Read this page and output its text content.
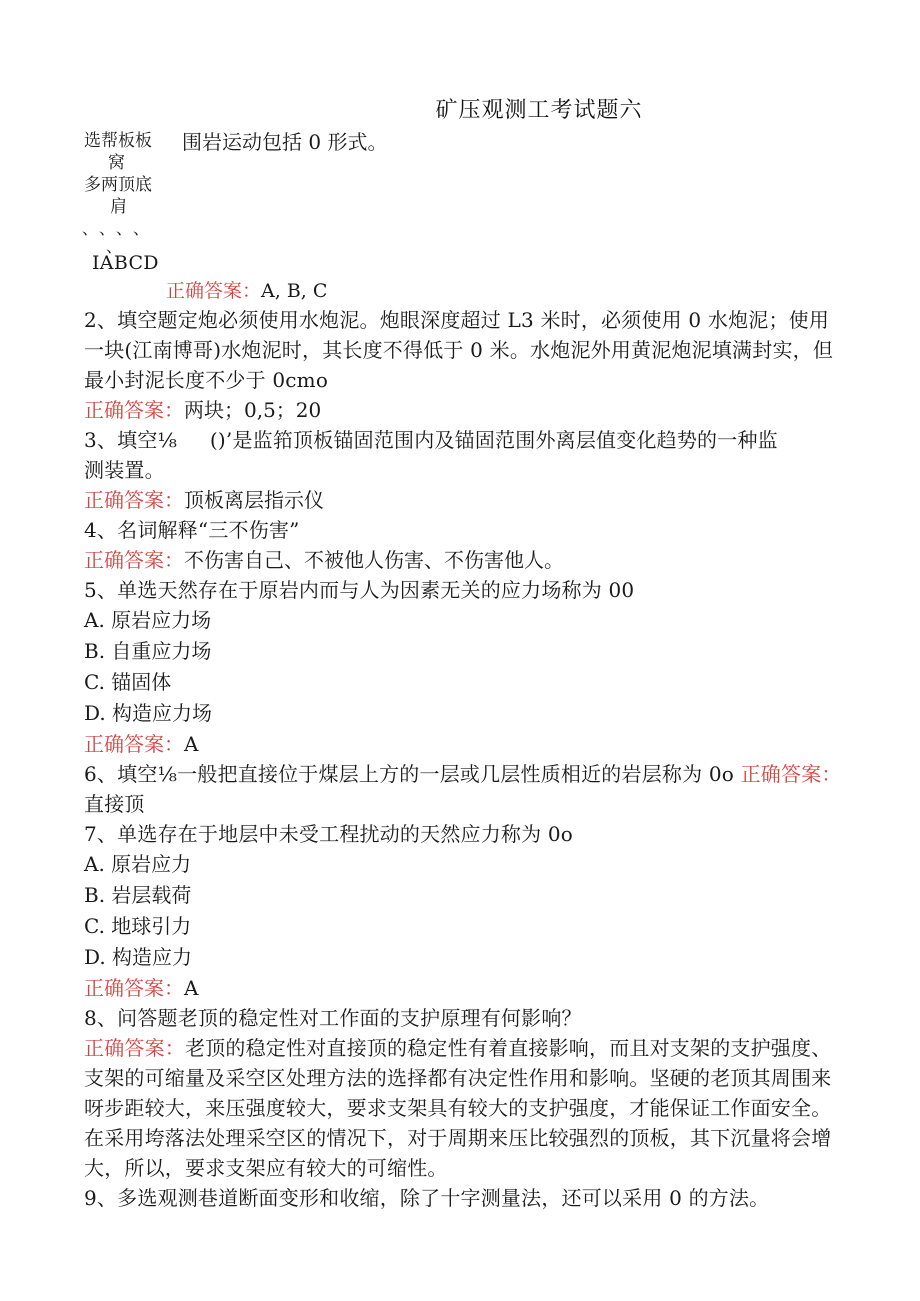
矿压观测工考试题六
围岩运动包括 0 形式。
选帮板板
窝
多两顶底
肩
、、、、
、
IABCD

正确答案：A, B, C

2、填空题定炮必须使用水炮泥。炮眼深度超过 L3 米时，必须使用 0 水炮泥；使用一块(江南博哥)水炮泥时，其长度不得低于 0 米。水炮泥外用黄泥炮泥填满封实，但最小封泥长度不少于 0cmo

正确答案：两块；0,5；20

3、填空⅛     ()’是监筘顶板锚固范围内及锚固范围外离层值变化趋势的一种监

测装置。

正确答案：顶板离层指示仪

4、名词解释“三不伤害”

正确答案：不伤害自己、不被他人伤害、不伤害他人。

5、单选天然存在于原岩内而与人为因素无关的应力场称为 00

A. 原岩应力场

B. 自重应力场

C. 锚固体

D. 构造应力场

正确答案：A

6、填空⅛一般把直接位于煤层上方的一层或几层性质相近的岩层称为 0o 正确答案：直接顶

7、单选存在于地层中未受工程扰动的天然应力称为 0o

A. 原岩应力

B. 岩层载荷

C. 地球引力

D. 构造应力

正确答案：A

8、问答题老顶的稳定性对工作面的支护原理有何影响？

正确答案：老顶的稳定性对直接顶的稳定性有着直接影响，而且对支架的支护强度、支架的可缩量及采空区处理方法的选择都有决定性作用和影响。坚硬的老顶其周围来呀步距较大，来压强度较大，要求支架具有较大的支护强度，才能保证工作面安全。在采用垮落法处理采空区的情况下，对于周期来压比较强烈的顶板，其下沉量将会增大，所以，要求支架应有较大的可缩性。

9、多选观测巷道断面变形和收缩，除了十字测量法，还可以采用 0 的方法。
